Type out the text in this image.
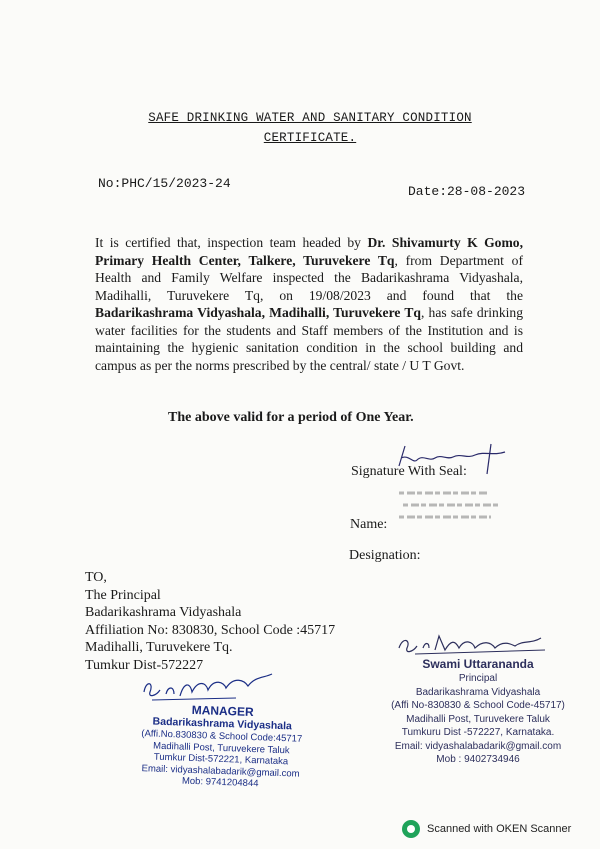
SAFE DRINKING WATER AND SANITARY CONDITION
CERTIFICATE.
No:PHC/15/2023-24
Date:28-08-2023
It is certified that, inspection team headed by Dr. Shivamurty K Gomo, Primary Health Center, Talkere, Turuvekere Tq, from Department of Health and Family Welfare inspected the Badarikashrama Vidyashala, Madihalli, Turuvekere Tq, on 19/08/2023 and found that the Badarikashrama Vidyashala, Madihalli, Turuvekere Tq, has safe drinking water facilities for the students and Staff members of the Institution and is maintaining the hygienic sanitation condition in the school building and campus as per the norms prescribed by the central/ state / U T Govt.
The above valid for a period of One Year.
Signature With Seal:
Name:
Designation:
TO,
The Principal
Badarikashrama Vidyashala
Affiliation No: 830830, School Code :45717
Madihalli, Turuvekere Tq.
Tumkur Dist-572227	Swami Uttarananda
Principal
Badarikashrama Vidyashala
(Affi No-830830 & School Code-45717)
Madihalli Post, Turuvekere Taluk
Tumkuru Dist -572227, Karnataka.
Email: vidyashalabadarik@gmail.com
Mob : 9402734946
MANAGER
Badarikashrama Vidyashala
(Affi.No.830830 & School Code:45717
Madihalli Post, Turuvekere Taluk
Tumkur Dist-572221, Karnataka
Email: vidyashalabadarik@gmail.com
Mob: 9741204844
Scanned with OKEN Scanner
